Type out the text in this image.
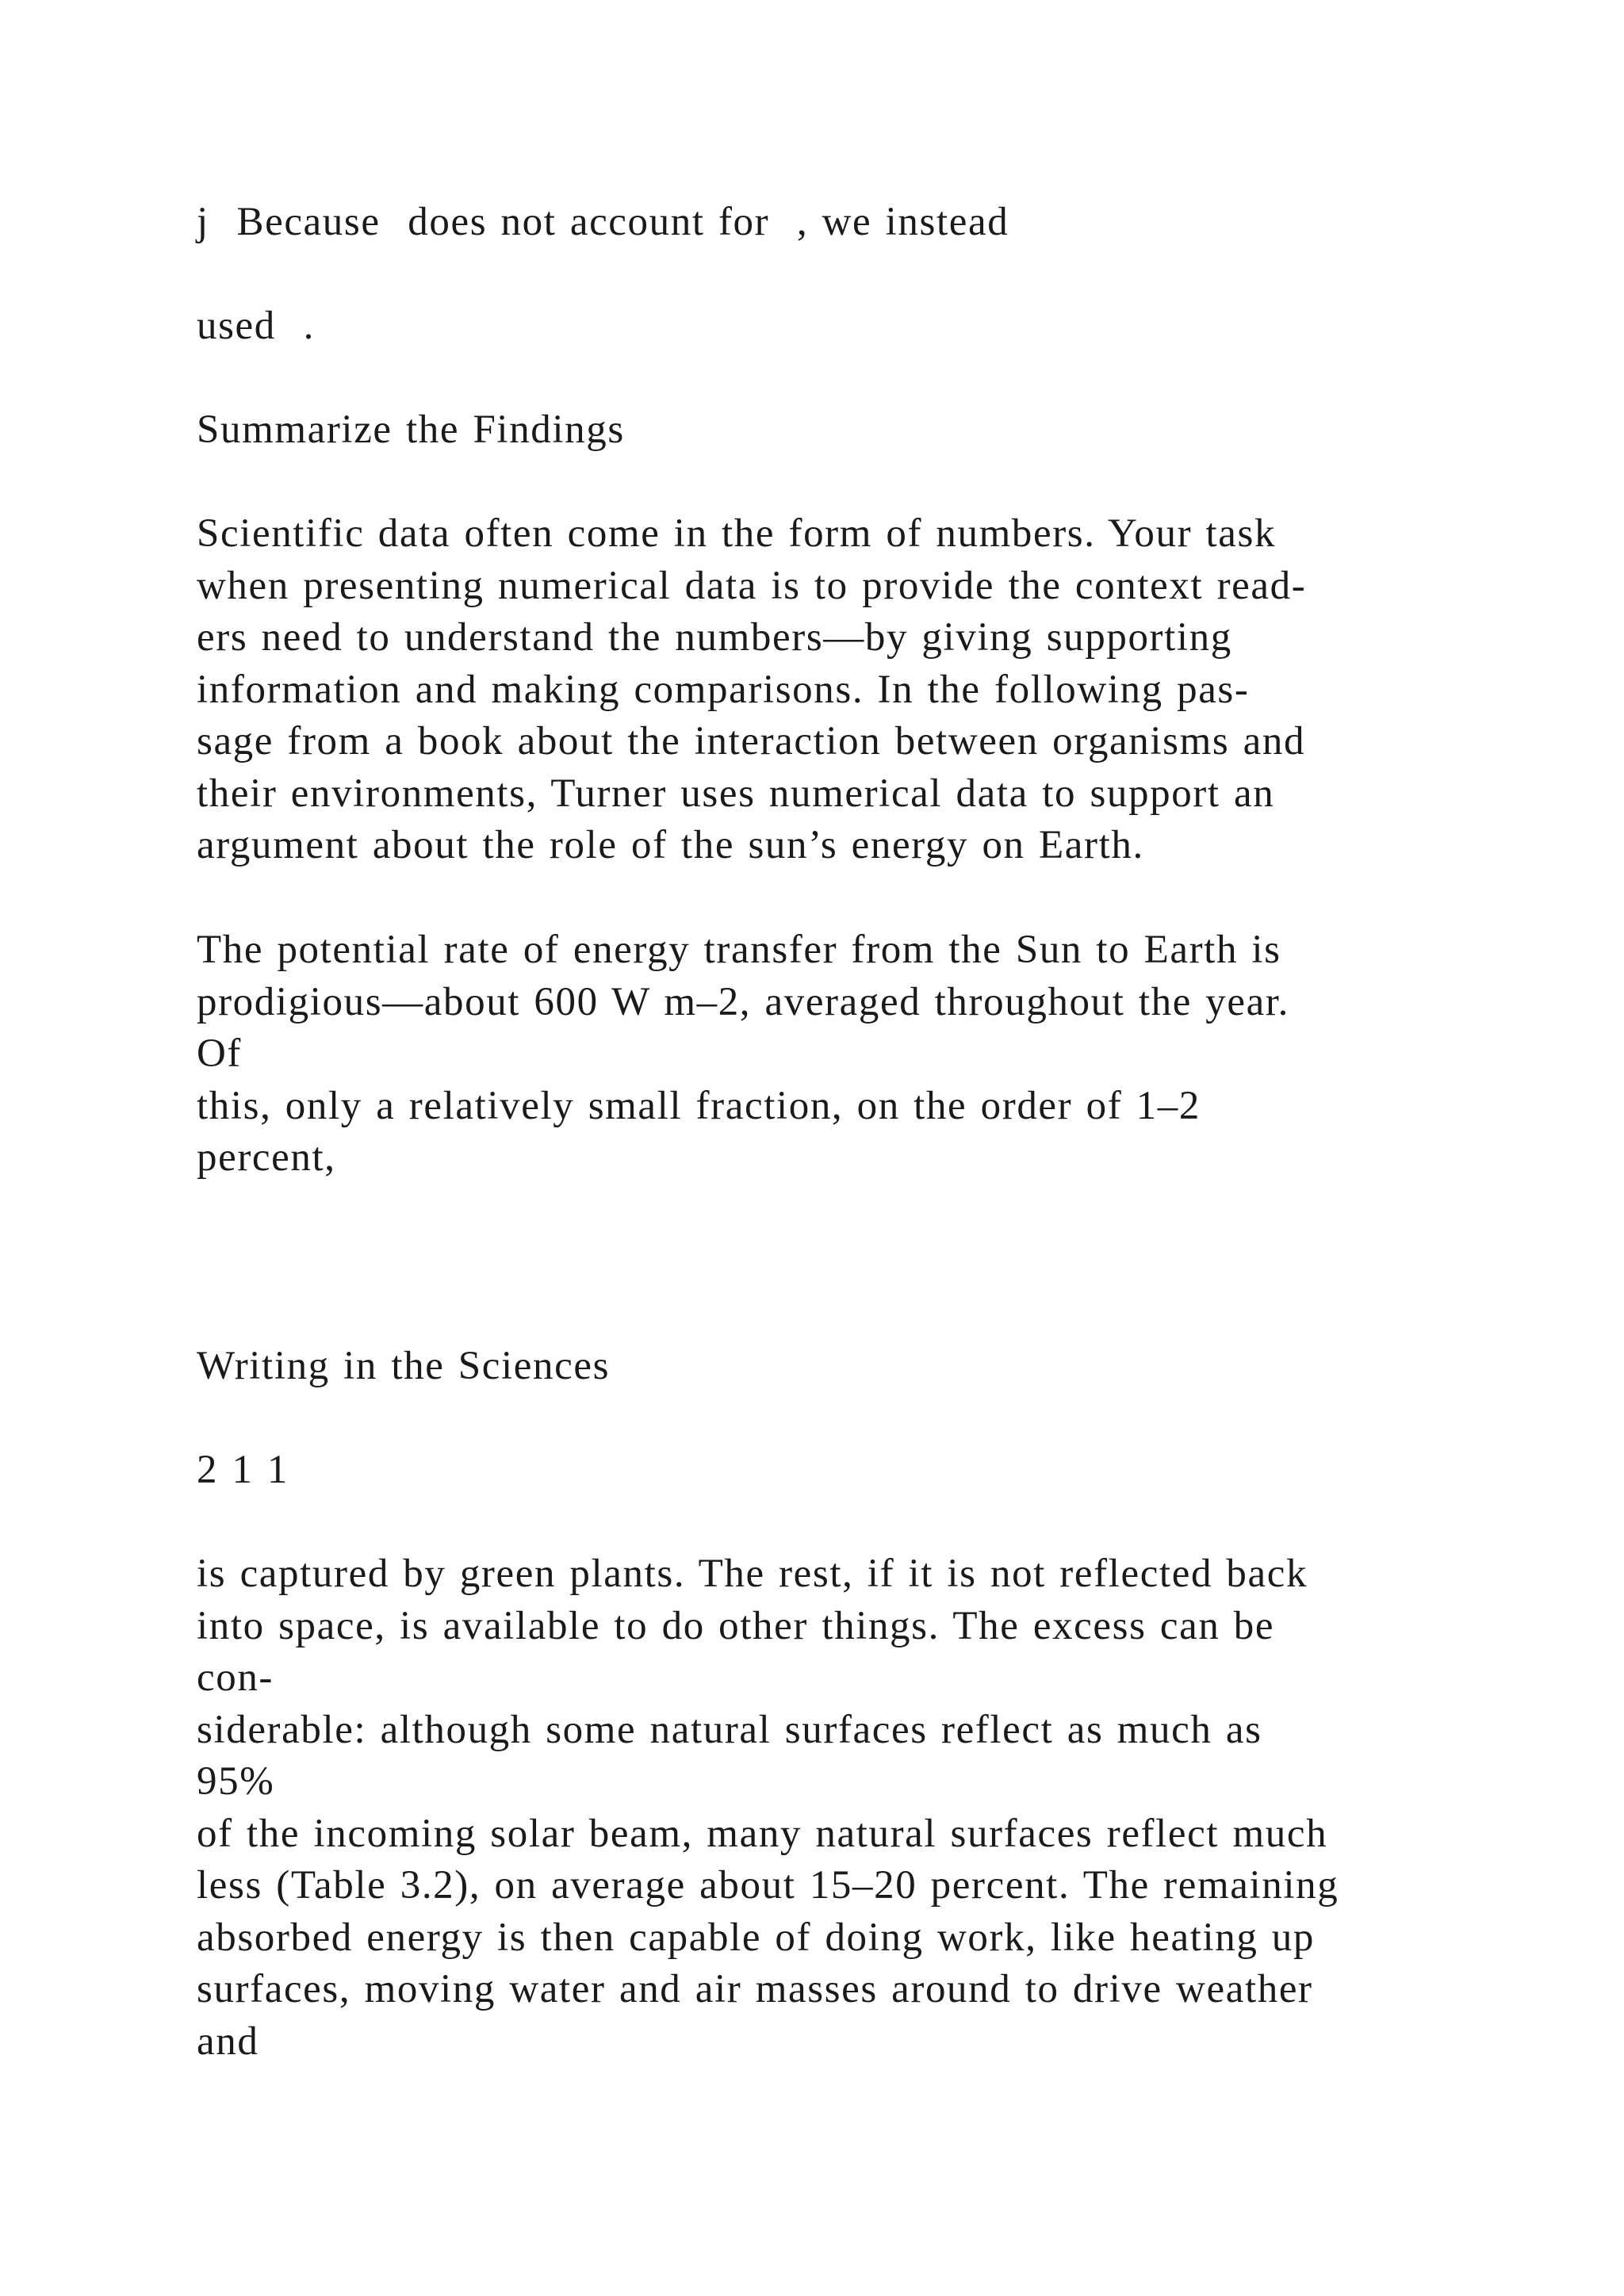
j  Because  does not account for  , we instead

used  .

Summarize the Findings

Scientific data often come in the form of numbers. Your task
when presenting numerical data is to provide the context read-
ers need to understand the numbers—by giving supporting
information and making comparisons. In the following pas-
sage from a book about the interaction between organisms and
their environments, Turner uses numerical data to support an
argument about the role of the sun’s energy on Earth.

The potential rate of energy transfer from the Sun to Earth is
prodigious—about 600 W m–2, averaged throughout the year.
Of
this, only a relatively small fraction, on the order of 1–2
percent,

Writing in the Sciences

2 1 1

is captured by green plants. The rest, if it is not reflected back
into space, is available to do other things. The excess can be
con-
siderable: although some natural surfaces reflect as much as
95%
of the incoming solar beam, many natural surfaces reflect much
less (Table 3.2), on average about 15–20 percent. The remaining
absorbed energy is then capable of doing work, like heating up
surfaces, moving water and air masses around to drive weather
and
